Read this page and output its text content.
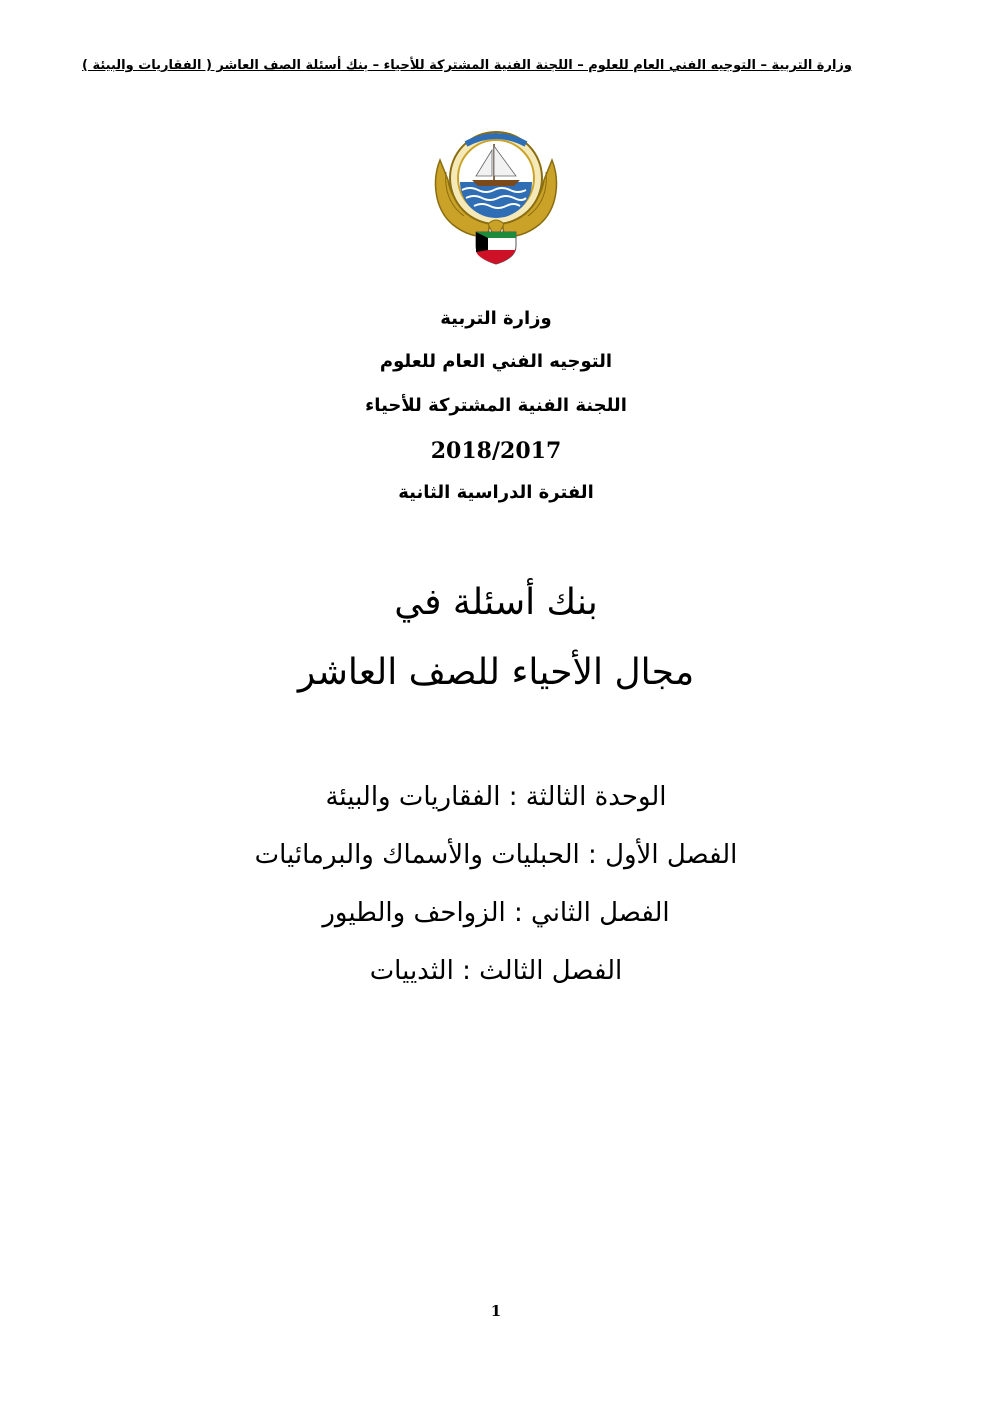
وزارة التربية – التوجيه الفني العام للعلوم – اللجنة الفنية المشتركة للأحياء – بنك أسئلة الصف العاشر ( الفقاريات والبيئة )
وزارة التربية
التوجيه الفني العام للعلوم
اللجنة الفنية المشتركة للأحياء
2018/2017
الفترة الدراسية الثانية
بنك أسئلة في
مجال الأحياء للصف العاشر
الوحدة الثالثة : الفقاريات والبيئة
الفصل الأول : الحبليات والأسماك والبرمائيات
الفصل الثاني : الزواحف والطيور
الفصل الثالث : الثدييات
1
